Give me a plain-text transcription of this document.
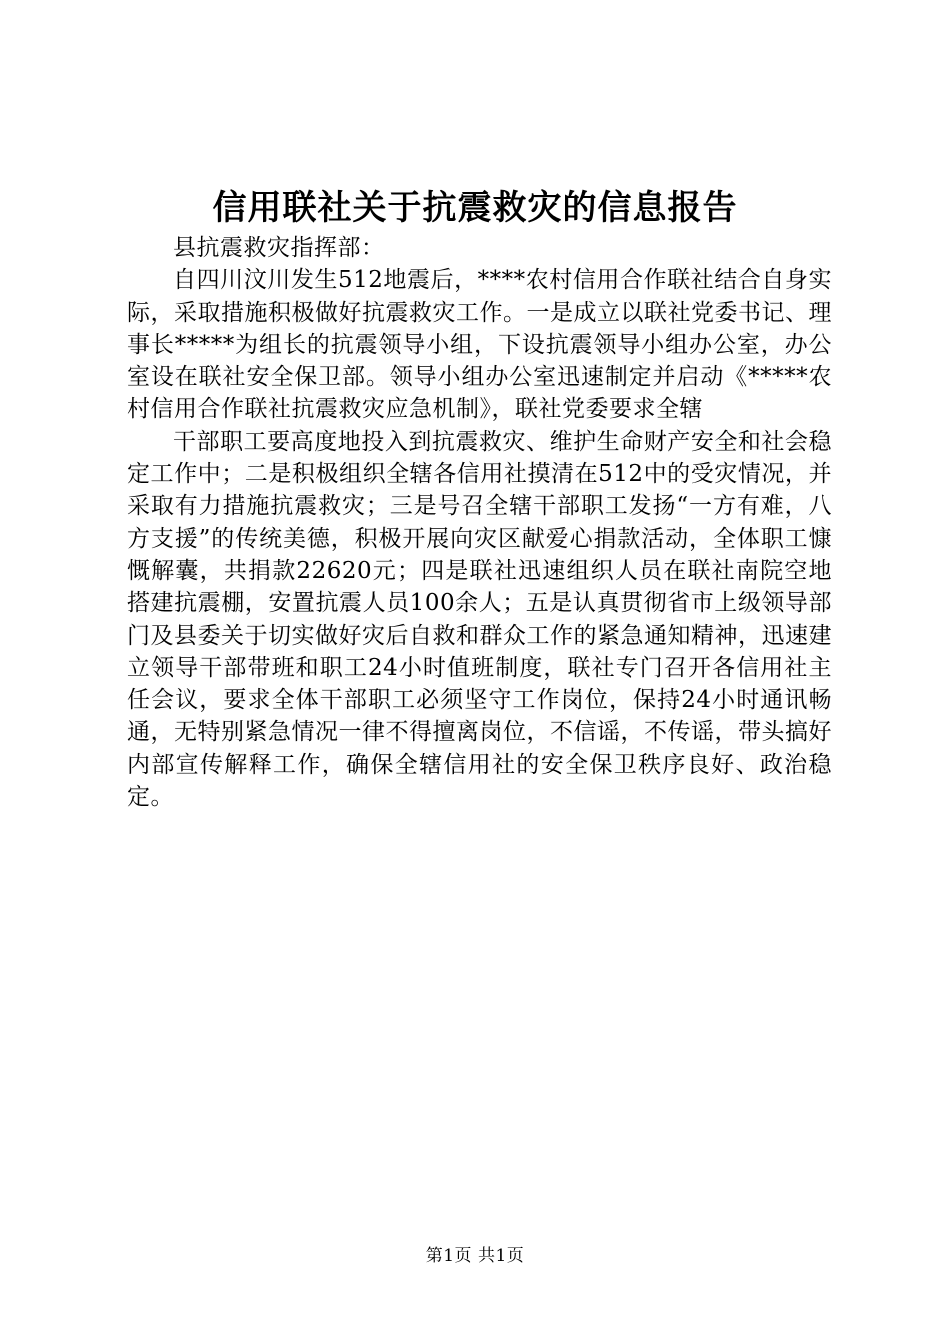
信用联社关于抗震救灾的信息报告

县抗震救灾指挥部：

自四川汶川发生512地震后，****农村信用合作联社结合自身实际，采取措施积极做好抗震救灾工作。一是成立以联社党委书记、理事长*****为组长的抗震领导小组，下设抗震领导小组办公室，办公室设在联社安全保卫部。领导小组办公室迅速制定并启动《*****农村信用合作联社抗震救灾应急机制》，联社党委要求全辖

干部职工要高度地投入到抗震救灾、维护生命财产安全和社会稳定工作中；二是积极组织全辖各信用社摸清在512中的受灾情况，并采取有力措施抗震救灾；三是号召全辖干部职工发扬“一方有难，八方支援”的传统美德，积极开展向灾区献爱心捐款活动，全体职工慷慨解囊，共捐款22620元；四是联社迅速组织人员在联社南院空地搭建抗震棚，安置抗震人员100余人；五是认真贯彻省市上级领导部门及县委关于切实做好灾后自救和群众工作的紧急通知精神，迅速建立领导干部带班和职工24小时值班制度，联社专门召开各信用社主任会议，要求全体干部职工必须坚守工作岗位，保持24小时通讯畅通，无特别紧急情况一律不得擅离岗位，不信谣，不传谣，带头搞好内部宣传解释工作，确保全辖信用社的安全保卫秩序良好、政治稳定。

第1页 共1页
